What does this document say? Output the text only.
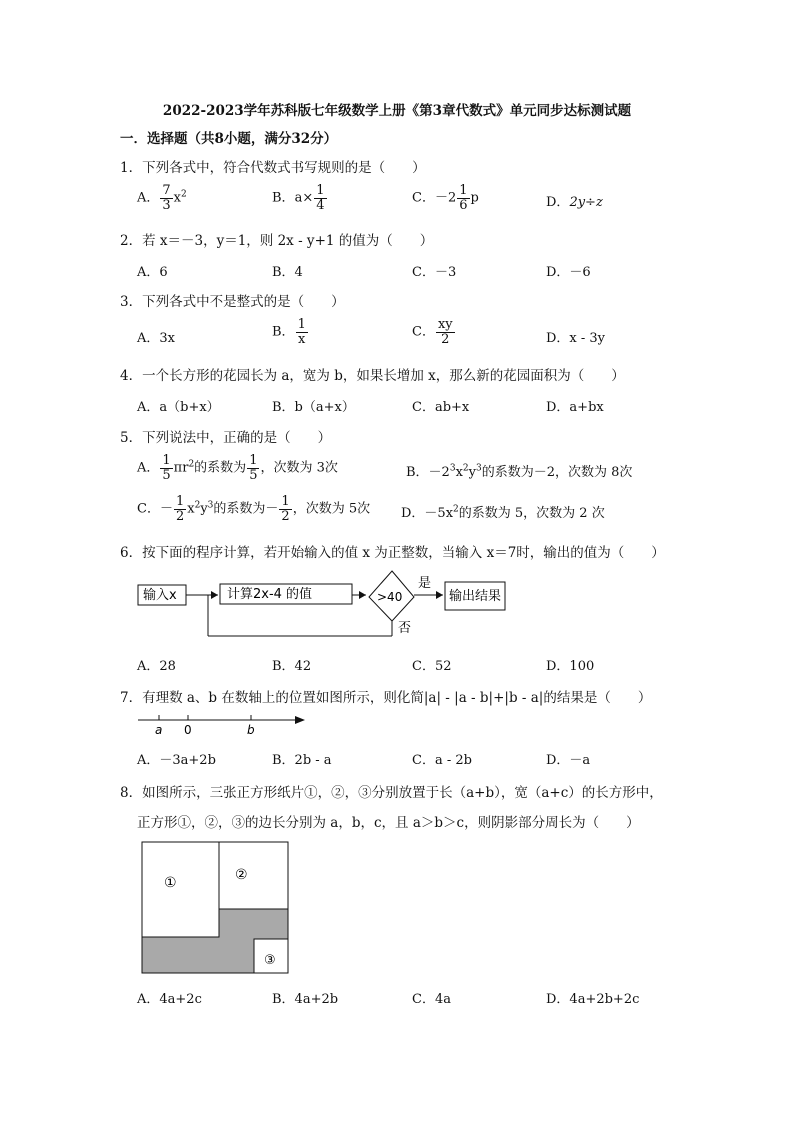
2022-2023学年苏科版七年级数学上册《第3章代数式》单元同步达标测试题
一．选择题（共8小题，满分32分）
1．下列各式中，符合代数式书写规则的是（　　）
A． $\frac{7}{3} x^2$	B．$a\times \frac{1}{4}$	C．$-2 \frac{1}{6}$ p	D．2y÷z
2．若 x＝－3，y＝1，则 2x - y+1 的值为（　　）
A．6	B．4	C．－3	D．－6
3．下列各式中不是整式的是（　　）
A．3x	B． $\frac{1}{x}$	C． $\frac{xy}{2}$	D．x - 3y
4．一个长方形的花园长为 a，宽为 b，如果长增加 x，那么新的花园面积为（　　）
A．a（b+x）	B．b（a+x）	C．ab+x	D．a+bx
5．下列说法中，正确的是（　　）
A． $\frac{1}{5} \pi r^2$的系数为 $\frac{1}{5}$ ，次数为 3次	B．$-2^3x^2y^3$的系数为－2，次数为 8次
C．－ $\frac{1}{2} x^2y^3$的系数为－ $\frac{1}{2}$ ，次数为 5次 D．$-5x^2$的系数为 5，次数为 2 次
6．按下面的程序计算，若开始输入的值 x 为正整数，当输入 x＝7时，输出的值为（　　）
输入x	计算2x-4 的值	>40
是
输出结果
否
A．28	B．42	C．52	D．100
7．有理数 a、b 在数轴上的位置如图所示，则化简|a| - |a - b|+|b - a|的结果是（　　）
a 0	b
A．－3a+2b	B．2b - a	C．a - 2b	D．－a
8．如图所示，三张正方形纸片①，②，③分别放置于长（a+b），宽（a+c）的长方形中，
正方形①，②，③的边长分别为 a，b，c，且 a＞b＞c，则阴影部分周长为（　　）
①	②
③
A．4a+2c	B．4a+2b	C．4a	D．4a+2b+2c
